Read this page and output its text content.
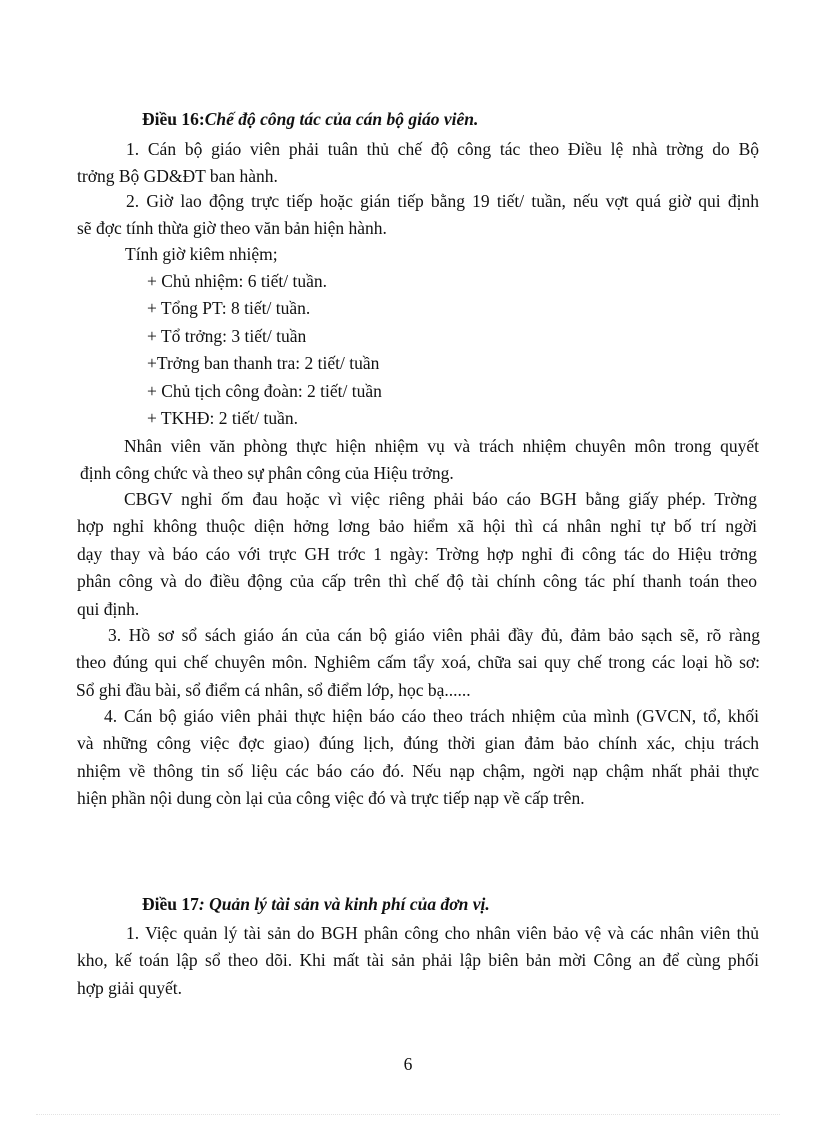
Điều 16:Chế độ công tác của cán bộ giáo viên.
1. Cán bộ giáo viên phải tuân thủ chế độ công tác theo Điều lệ nhà trờng do Bộ
trởng Bộ GD&ĐT ban hành.
2. Giờ lao động trực tiếp hoặc gián tiếp bằng 19 tiết/ tuần, nếu vợt quá giờ qui định
sẽ đợc tính thừa giờ theo văn bản hiện hành.
Tính giờ kiêm nhiệm;
+ Chủ nhiệm: 6 tiết/ tuần.
+ Tổng PT: 8 tiết/ tuần.
+ Tổ trởng: 3 tiết/ tuần
+Trởng ban thanh tra: 2 tiết/ tuần
+ Chủ tịch công đoàn: 2 tiết/ tuần
+ TKHĐ: 2 tiết/ tuần.
Nhân viên văn phòng thực hiện nhiệm vụ và trách nhiệm chuyên môn trong quyết
định công chức và theo sự phân công của Hiệu trởng.
CBGV nghỉ ốm đau hoặc vì việc riêng phải báo cáo BGH bằng giấy phép. Trờng
hợp nghỉ không thuộc diện hởng lơng bảo hiểm xã hội thì cá nhân nghỉ tự bố trí ngời
dạy thay và báo cáo với trực GH trớc 1 ngày: Trờng hợp nghỉ đi công tác do Hiệu trởng
phân công và do điều động của cấp trên thì chế độ tài chính công tác phí thanh toán theo
qui định.
3. Hồ sơ sổ sách giáo án của cán bộ giáo viên phải đầy đủ, đảm bảo sạch sẽ, rõ ràng
theo đúng qui chế chuyên môn. Nghiêm cấm tẩy xoá, chữa sai quy chế trong các loại hồ sơ:
Sổ ghi đầu bài, sổ điểm cá nhân, sổ điểm lớp, học bạ......
4. Cán bộ giáo viên phải thực hiện báo cáo theo trách nhiệm của mình (GVCN, tổ, khối
và những công việc đợc giao) đúng lịch, đúng thời gian đảm bảo chính xác, chịu trách
nhiệm về thông tin số liệu các báo cáo đó. Nếu nạp chậm, ngời nạp chậm nhất phải thực
hiện phần nội dung còn lại của công việc đó và trực tiếp nạp về cấp trên.
Điều 17: Quản lý tài sản và kinh phí của đơn vị.
1. Việc quản lý tài sản do BGH phân công cho nhân viên bảo vệ và các nhân viên thủ
kho, kế toán lập sổ theo dõi. Khi mất tài sản phải lập biên bản mời Công an để cùng phối
hợp giải quyết.
6
